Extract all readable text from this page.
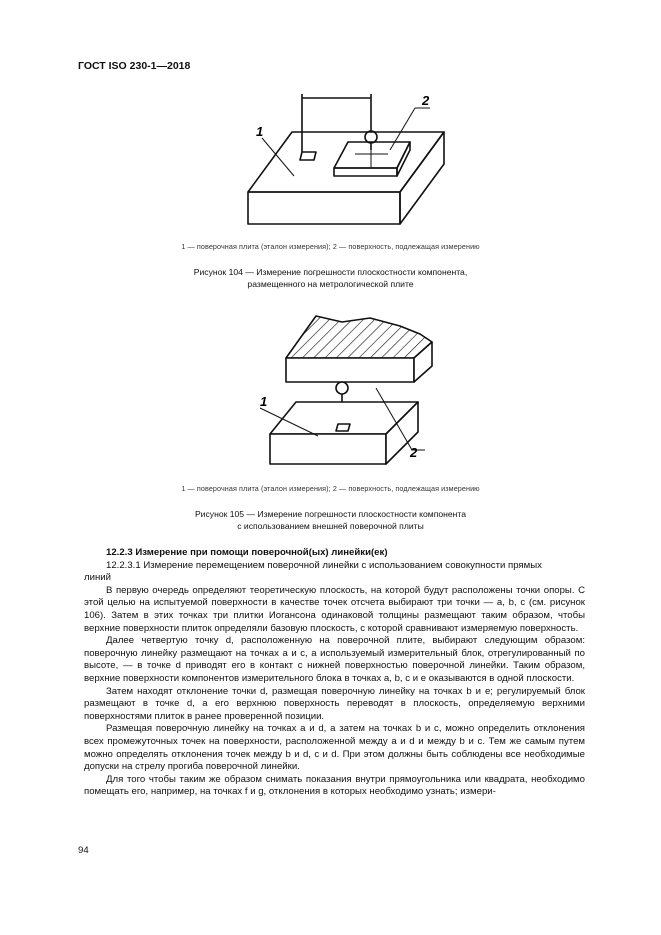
ГОСТ ISO 230-1—2018
1
2
1 — поверочная плита (эталон измерения); 2 — поверхность, подлежащая измерению
Рисунок 104 — Измерение погрешности плоскостности компонента,
размещенного на метрологической плите
1
2
1 — поверочная плита (эталон измерения); 2 — поверхность, подлежащая измерению
Рисунок 105 — Измерение погрешности плоскостности компонента
с использованием внешней поверочной плиты

12.2.3 Измерение при помощи поверочной(ых) линейки(ек)

12.2.3.1 Измерение перемещением поверочной линейки с использованием совокупности прямых

линий

В первую очередь определяют теоретическую плоскость, на которой будут расположены точки опоры. С этой целью на испытуемой поверхности в качестве точек отсчета выбирают три точки — a, b, c (см. рисунок 106). Затем в этих точках три плитки Иогансона одинаковой толщины размещают таким образом, чтобы верхние поверхности плиток определяли базовую плоскость, с которой сравнивают измеряемую поверхность.

Далее четвертую точку d, расположенную на поверочной плите, выбирают следующим образом: поверочную линейку размещают на точках a и c, а используемый измерительный блок, отрегулированный по высоте, — в точке d приводят его в контакт с нижней поверхностью поверочной линейки. Таким образом, верхние поверхности компонентов измерительного блока в точках a, b, c и e оказываются в одной плоскости.

Затем находят отклонение точки d, размещая поверочную линейку на точках b и e; регулируемый блок размещают в точке d, а его верхнюю поверхность переводят в плоскость, определяемую верхними поверхностями плиток в ранее проверенной позиции.

Размещая поверочную линейку на точках a и d, а затем на точках b и c, можно определить отклонения всех промежуточных точек на поверхности, расположенной между a и d и между b и c. Тем же самым путем можно определять отклонения точек между b и d, c и d. При этом должны быть соблюдены все необходимые допуски на стрелу прогиба поверочной линейки.

Для того чтобы таким же образом снимать показания внутри прямоугольника или квадрата, необходимо помещать его, например, на точках f и g, отклонения в которых необходимо узнать; измери-

94
